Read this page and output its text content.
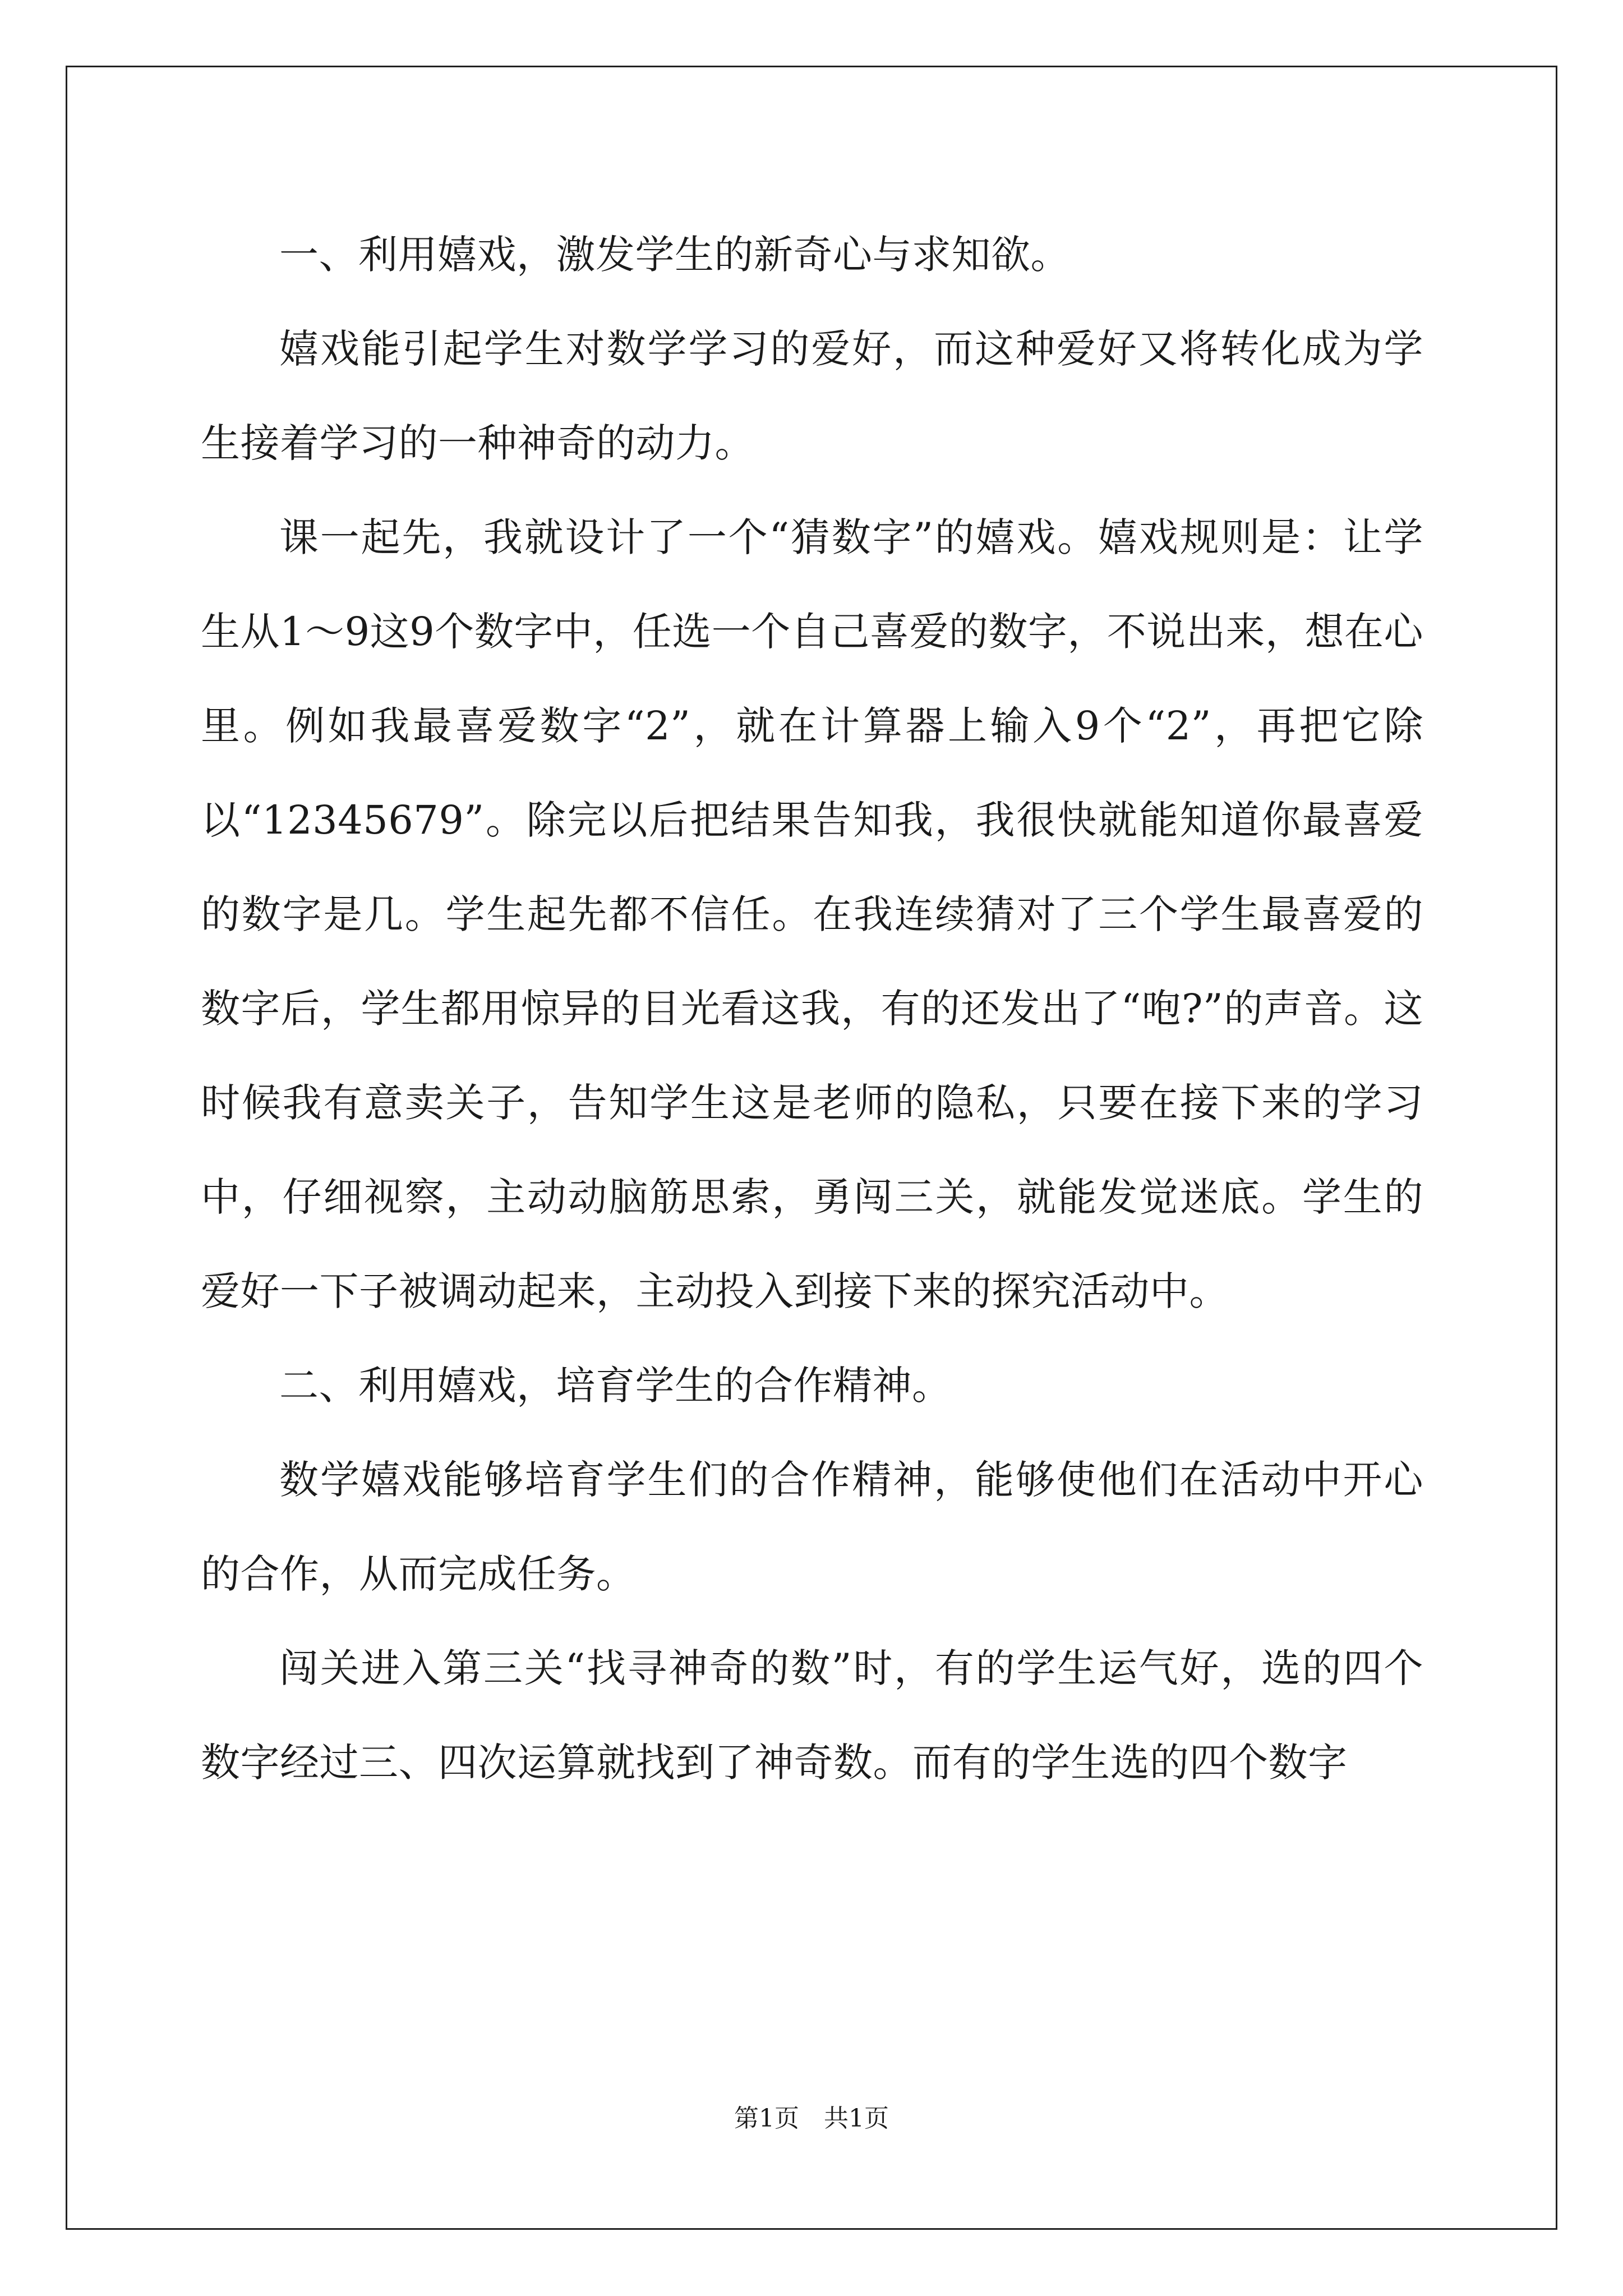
一、利用嬉戏，激发学生的新奇心与求知欲。

嬉戏能引起学生对数学学习的爱好，而这种爱好又将转化成为学生接着学习的一种神奇的动力。

课一起先，我就设计了一个“猜数字”的嬉戏。嬉戏规则是：让学生从1～9这9个数字中，任选一个自己喜爱的数字，不说出来，想在心里。例如我最喜爱数字“2”，就在计算器上输入9个“2”，再把它除以“12345679”。除完以后把结果告知我，我很快就能知道你最喜爱的数字是几。学生起先都不信任。在我连续猜对了三个学生最喜爱的数字后，学生都用惊异的目光看这我，有的还发出了“咆?”的声音。这时候我有意卖关子，告知学生这是老师的隐私，只要在接下来的学习中，仔细视察，主动动脑筋思索，勇闯三关，就能发觉迷底。学生的爱好一下子被调动起来，主动投入到接下来的探究活动中。

二、利用嬉戏，培育学生的合作精神。

数学嬉戏能够培育学生们的合作精神，能够使他们在活动中开心的合作，从而完成任务。

闯关进入第三关“找寻神奇的数”时，有的学生运气好，选的四个数字经过三、四次运算就找到了神奇数。而有的学生选的四个数字

第1页 共1页
